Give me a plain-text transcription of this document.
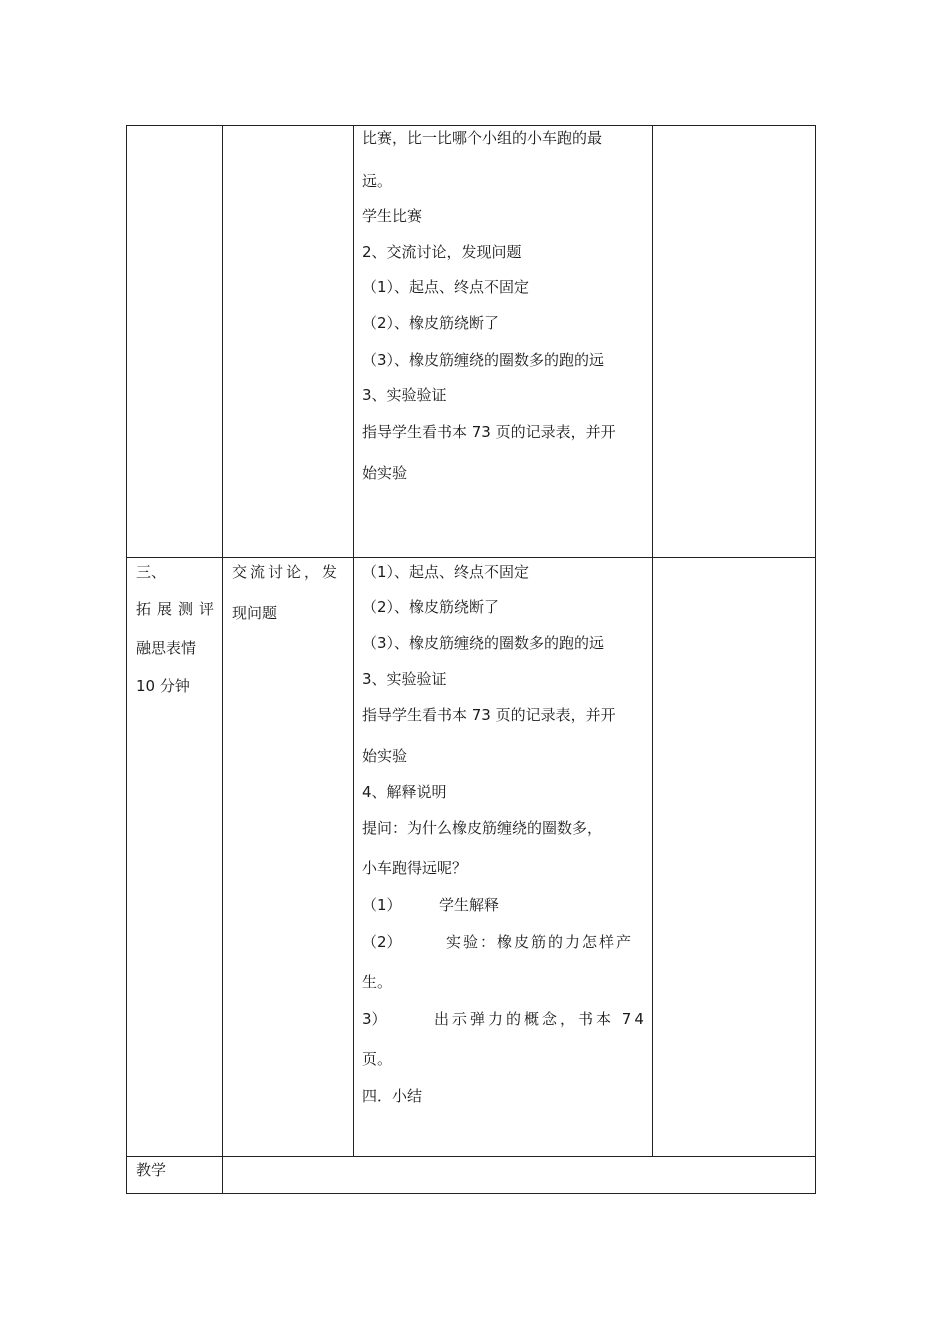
比赛，比一比哪个小组的小车跑的最
远。
学生比赛
2、交流讨论，发现问题
（1）、起点、终点不固定
（2）、橡皮筋绕断了
（3）、橡皮筋缠绕的圈数多的跑的远
3、实验验证
指导学生看书本 73 页的记录表，并开
始实验
三、
拓展测评
融思表情
10 分钟
交流讨论，发
现问题
（1）、起点、终点不固定
（2）、橡皮筋绕断了
（3）、橡皮筋缠绕的圈数多的跑的远
3、实验验证
指导学生看书本 73 页的记录表，并开
始实验
4、解释说明
提问：为什么橡皮筋缠绕的圈数多，
小车跑得远呢？
（1） 学生解释
（2）	实验：橡皮筋的力怎样产
生。
3）	出示弹力的概念，书本 74
页。
四．小结
教学
